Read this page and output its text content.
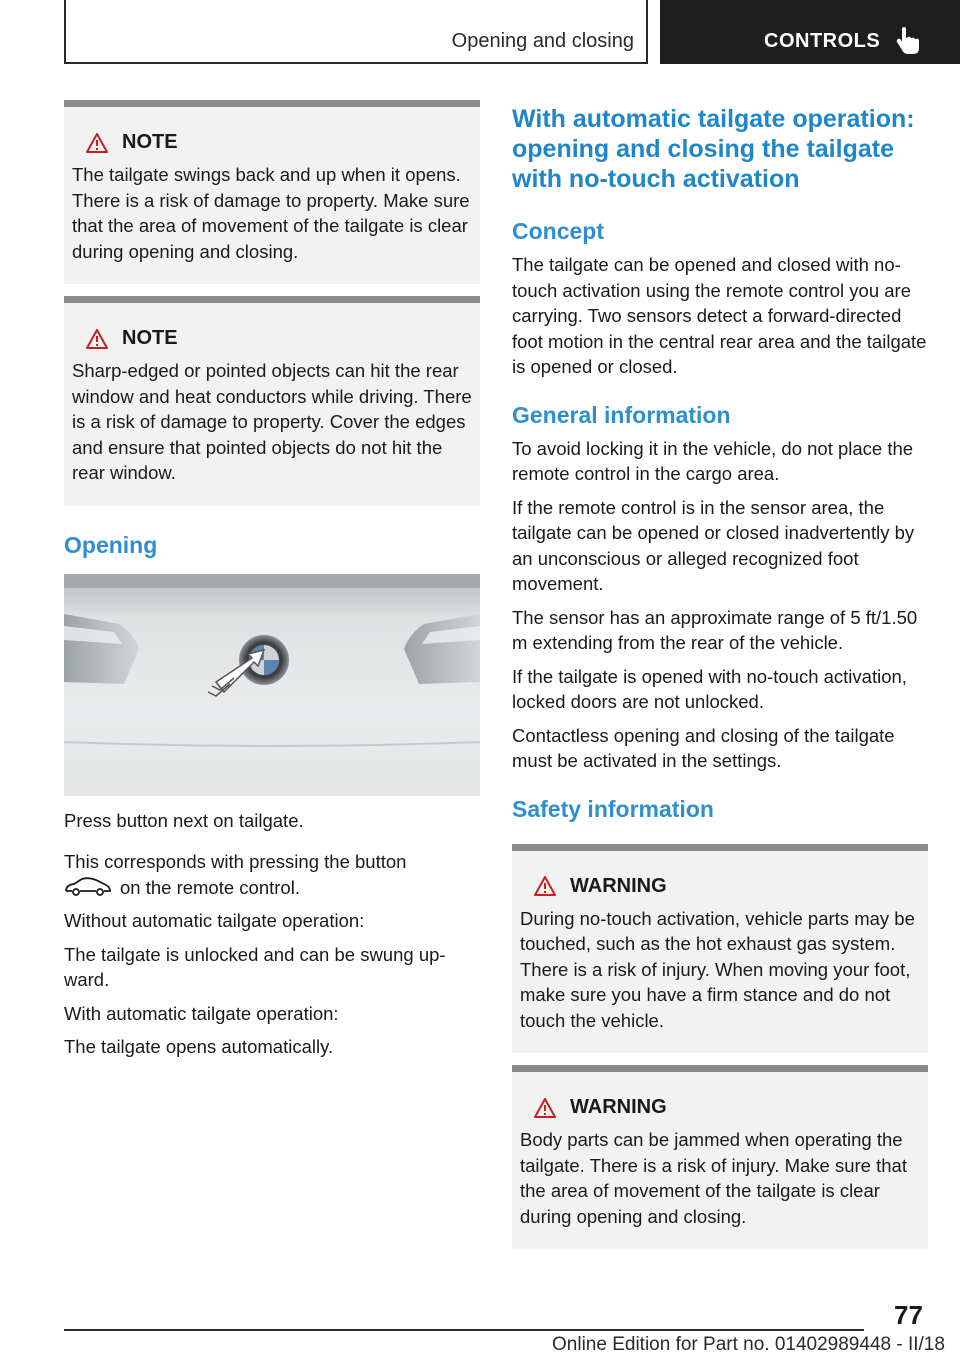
Opening and closing	CONTROLS
NOTE

The tailgate swings back and up when it opens. There is a risk of damage to property. Make sure that the area of movement of the tailgate is clear during opening and closing.

NOTE

Sharp-edged or pointed objects can hit the rear window and heat conductors while driving. There is a risk of damage to property. Cover the edges and ensure that pointed objects do not hit the rear window.

Opening

Press button next on tailgate.

This corresponds with pressing the button
on the remote control.

Without automatic tailgate operation:

The tailgate is unlocked and can be swung upward.

With automatic tailgate operation:

The tailgate opens automatically.

With automatic tailgate operation: opening and closing the tailgate with no-touch activation
Concept

The tailgate can be opened and closed with no-touch activation using the remote control you are carrying. Two sensors detect a forward-directed foot motion in the central rear area and the tailgate is opened or closed.

General information

To avoid locking it in the vehicle, do not place the remote control in the cargo area.

If the remote control is in the sensor area, the tailgate can be opened or closed inadvertently by an unconscious or alleged recognized foot movement.

The sensor has an approximate range of 5 ft/1.50 m extending from the rear of the vehicle.

If the tailgate is opened with no-touch activation, locked doors are not unlocked.

Contactless opening and closing of the tailgate must be activated in the settings.

Safety information
WARNING

During no-touch activation, vehicle parts may be touched, such as the hot exhaust gas system. There is a risk of injury. When moving your foot, make sure you have a firm stance and do not touch the vehicle.

WARNING

Body parts can be jammed when operating the tailgate. There is a risk of injury. Make sure that the area of movement of the tailgate is clear during opening and closing.

77
Online Edition for Part no. 01402989448 - II/18
